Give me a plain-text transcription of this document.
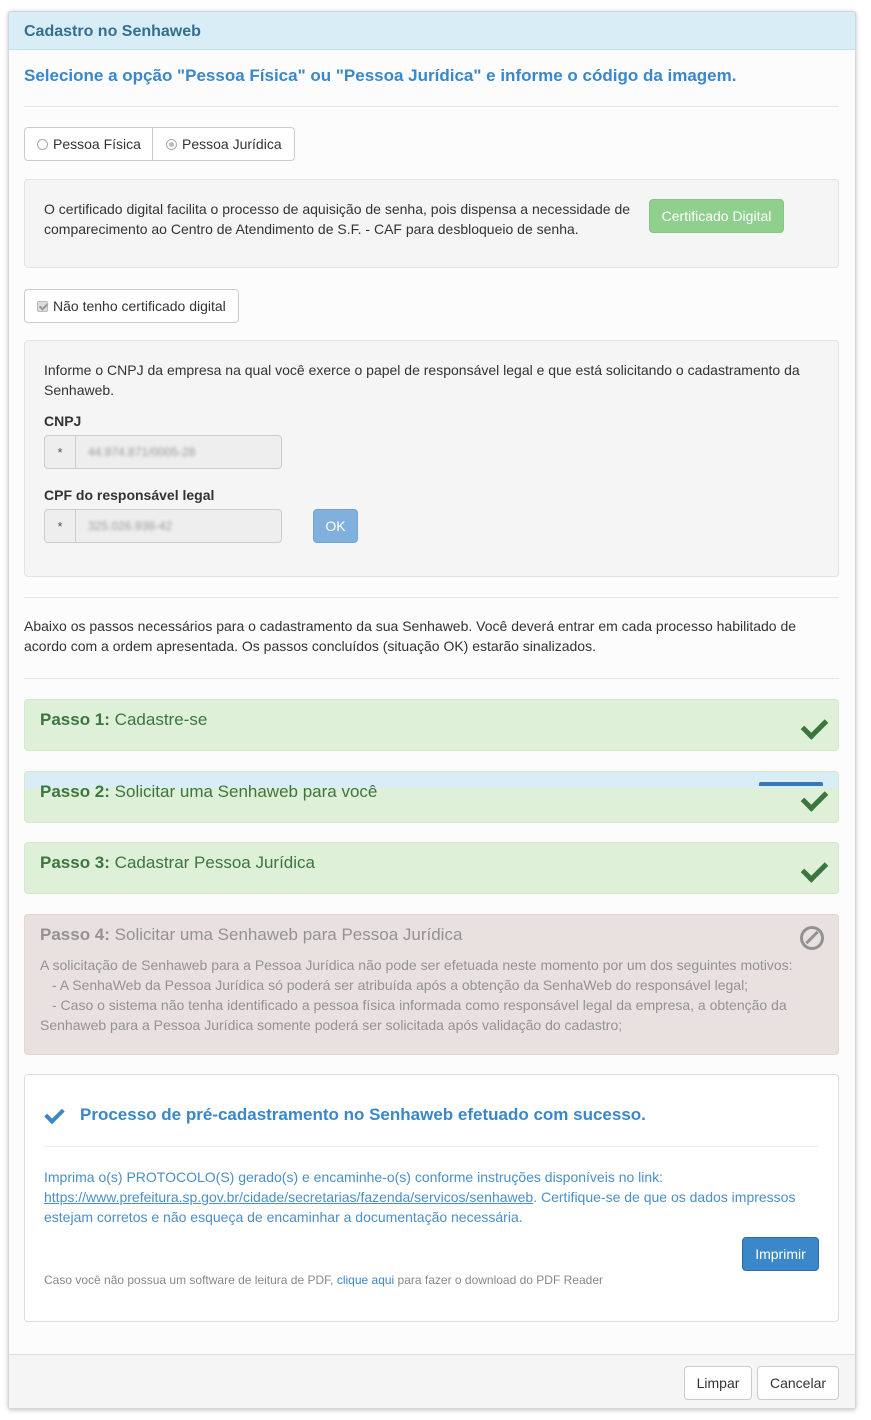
Cadastro no Senhaweb
Selecione a opção "Pessoa Física" ou "Pessoa Jurídica" e informe o código da imagem.
Pessoa Física	Pessoa Jurídica
O certificado digital facilita o processo de aquisição de senha, pois dispensa a necessidade de comparecimento ao Centro de Atendimento de S.F. - CAF para desbloqueio de senha.
Certificado Digital
Não tenho certificado digital
Informe o CNPJ da empresa na qual você exerce o papel de responsável legal e que está solicitando o cadastramento da Senhaweb.
CNPJ
*	44.974.871/0005-28
CPF do responsável legal
*	325.026.938-42	OK
Abaixo os passos necessários para o cadastramento da sua Senhaweb. Você deverá entrar em cada processo habilitado de acordo com a ordem apresentada. Os passos concluídos (situação OK) estarão sinalizados.
Passo 1: Cadastre-se
Passo 2: Solicitar uma Senhaweb para você
Passo 3: Cadastrar Pessoa Jurídica
Passo 4: Solicitar uma Senhaweb para Pessoa Jurídica
A solicitação de Senhaweb para a Pessoa Jurídica não pode ser efetuada neste momento por um dos seguintes motivos:
- A SenhaWeb da Pessoa Jurídica só poderá ser atribuída após a obtenção da SenhaWeb do responsável legal;
- Caso o sistema não tenha identificado a pessoa física informada como responsável legal da empresa, a obtenção da Senhaweb para a Pessoa Jurídica somente poderá ser solicitada após validação do cadastro;
Processo de pré-cadastramento no Senhaweb efetuado com sucesso.
Imprima o(s) PROTOCOLO(S) gerado(s) e encaminhe-o(s) conforme instruções disponíveis no link: https://www.prefeitura.sp.gov.br/cidade/secretarias/fazenda/servicos/senhaweb. Certifique-se de que os dados impressos estejam corretos e não esqueça de encaminhar a documentação necessária.
Imprimir
Caso você não possua um software de leitura de PDF, clique aqui para fazer o download do PDF Reader
Limpar	Cancelar
